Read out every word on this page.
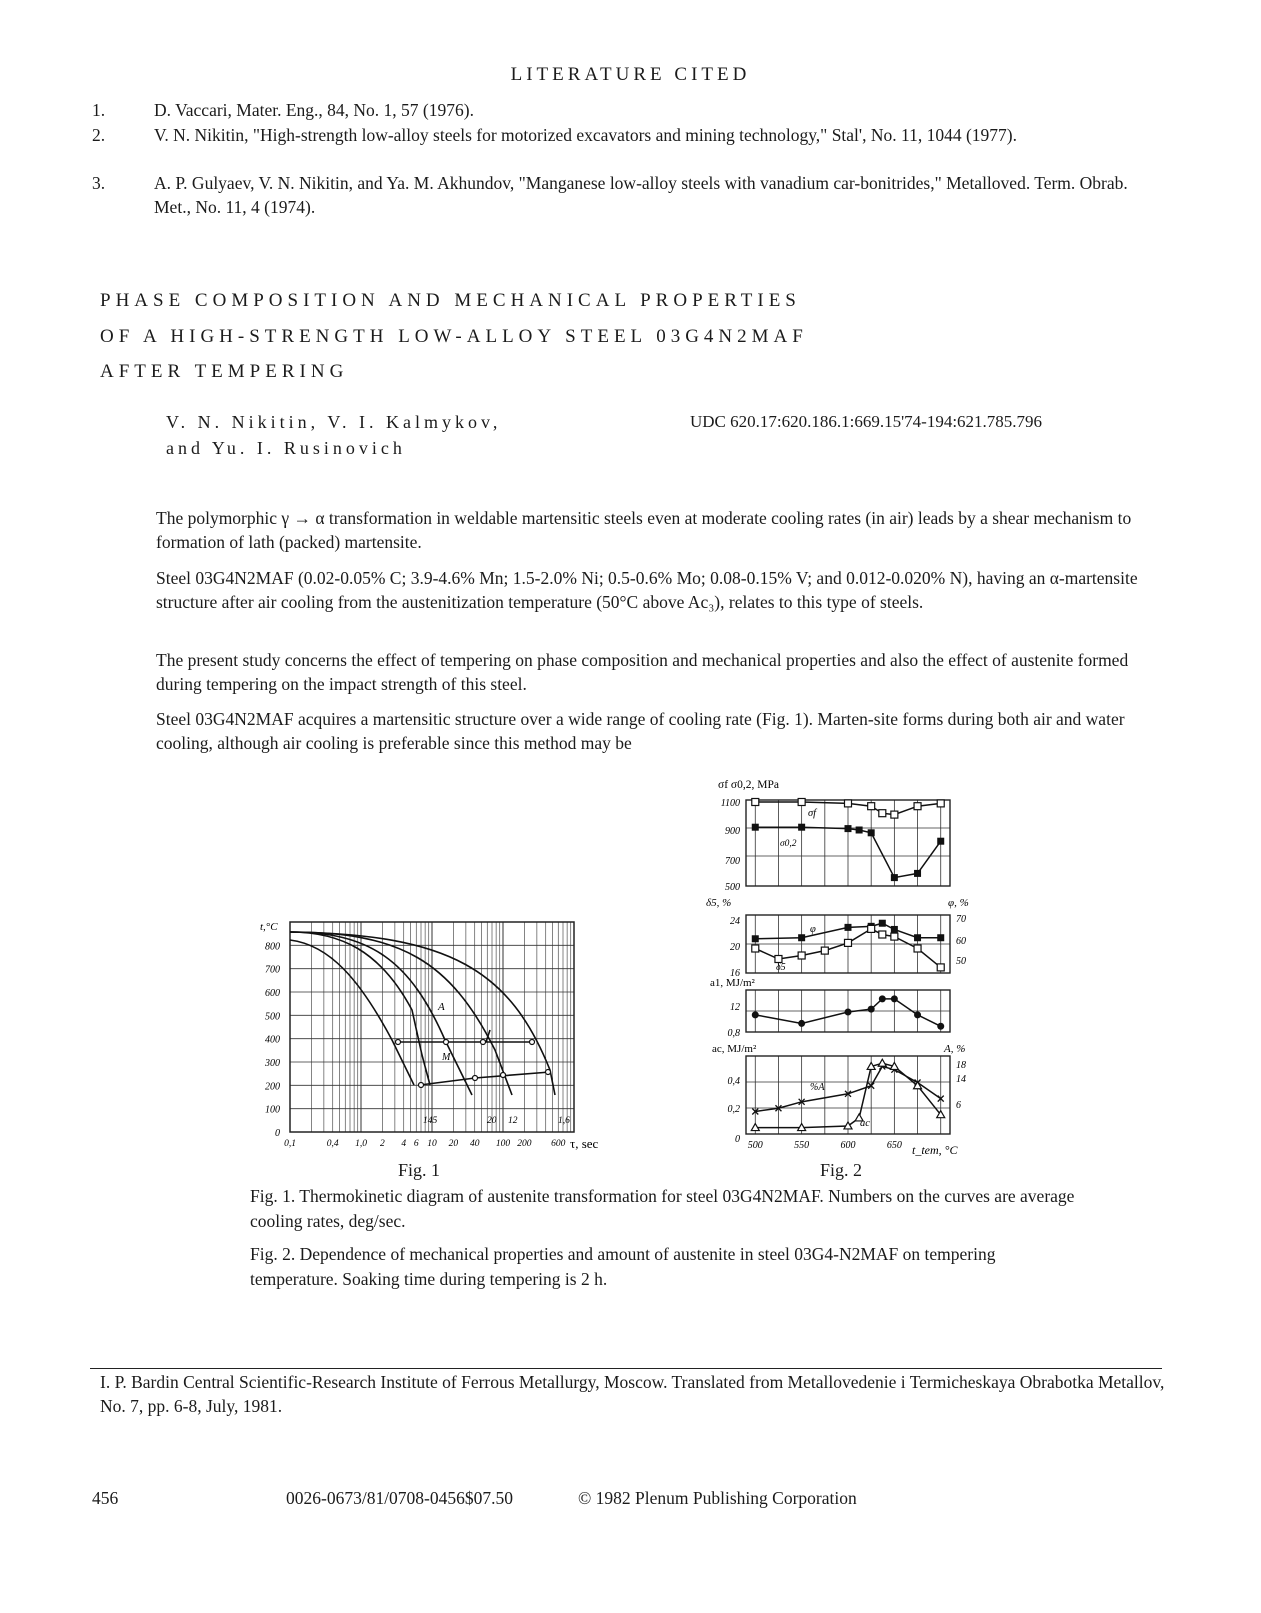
LITERATURE CITED
1.	D. Vaccari, Mater. Eng., 84, No. 1, 57 (1976).
2.	V. N. Nikitin, "High-strength low-alloy steels for motorized excavators and mining technology," Stal', No. 11, 1044 (1977).
3.	A. P. Gulyaev, V. N. Nikitin, and Ya. M. Akhundov, "Manganese low-alloy steels with vanadium car-bonitrides," Metalloved. Term. Obrab. Met., No. 11, 4 (1974).
PHASE COMPOSITION AND MECHANICAL PROPERTIES
OF A HIGH-STRENGTH LOW-ALLOY STEEL 03G4N2MAF
AFTER TEMPERING
V. N. Nikitin, V. I. Kalmykov,
and Yu. I. Rusinovich
UDC 620.17:620.186.1:669.15'74-194:621.785.796
The polymorphic γ → α transformation in weldable martensitic steels even at moderate cooling rates (in air) leads by a shear mechanism to formation of lath (packed) martensite.
Steel 03G4N2MAF (0.02-0.05% C; 3.9-4.6% Mn; 1.5-2.0% Ni; 0.5-0.6% Mo; 0.08-0.15% V; and 0.012-0.020% N), having an α-martensite structure after air cooling from the austenitization temperature (50°C above Ac₃), relates to this type of steels.
The present study concerns the effect of tempering on phase composition and mechanical properties and also the effect of austenite formed during tempering on the impact strength of this steel.
Steel 03G4N2MAF acquires a martensitic structure over a wide range of cooling rate (Fig. 1). Marten-site forms during both air and water cooling, although air cooling is preferable since this method may be
t,°C
0
100
200
300
400
500
600
700
800
0,1	0,4 1,0 2 4 6 10 20 40 100 200 600 τ, sec
A
M
145	20 12	1,6
Fig. 1
σf σ0,2, MPa
δ5, %	φ, %
a1, MJ/m²
ac, MJ/m²	A, %
t_tem, °C
500
700
900
1100
16
20
24
0,8
12
0
0,2
0,4
50
60
70
6
14
18
500	550	600	650
σf
σ0,2
φ
δ5
%A
ac
Fig. 2
Fig. 1. Thermokinetic diagram of austenite transformation for steel 03G4N2MAF. Numbers on the curves are average cooling rates, deg/sec.
Fig. 2. Dependence of mechanical properties and amount of austenite in steel 03G4-N2MAF on tempering temperature. Soaking time during tempering is 2 h.
I. P. Bardin Central Scientific-Research Institute of Ferrous Metallurgy, Moscow. Translated from Metallovedenie i Termicheskaya Obrabotka Metallov, No. 7, pp. 6-8, July, 1981.
456	0026-0673/81/0708-0456$07.50	© 1982 Plenum Publishing Corporation
